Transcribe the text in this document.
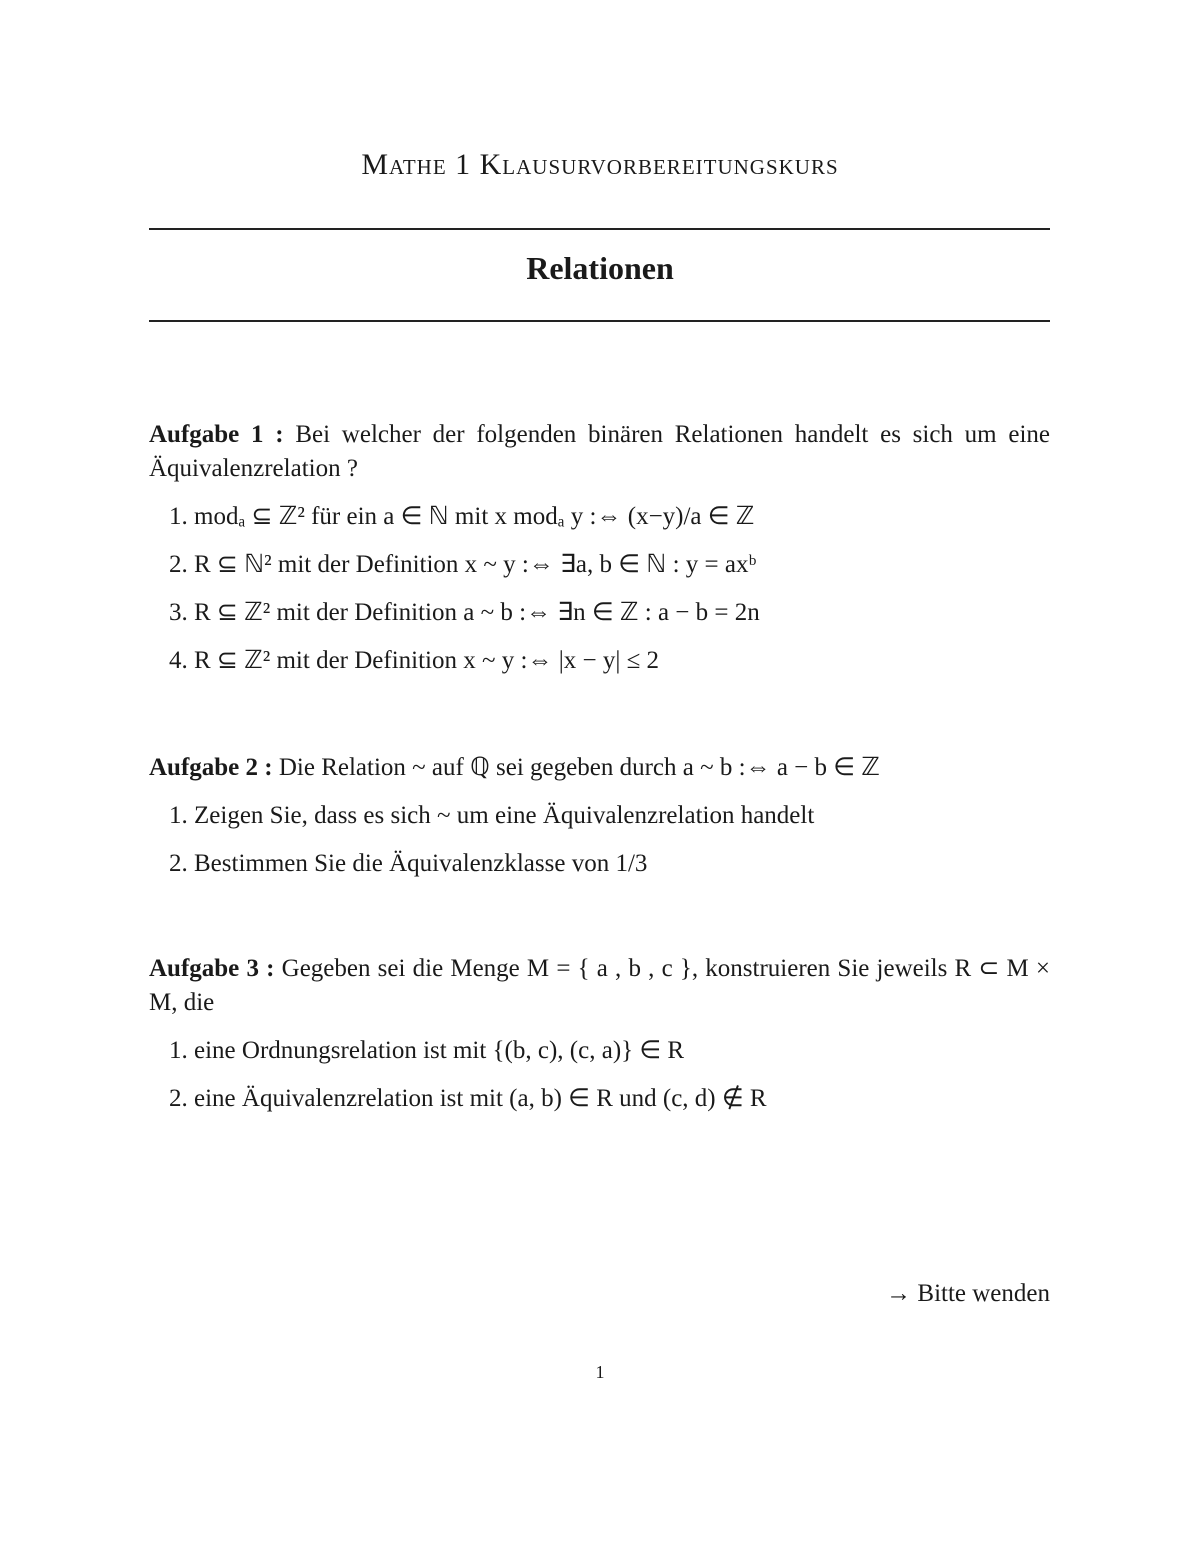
Mathe 1 Klausurvorbereitungskurs
Relationen
Aufgabe 1 : Bei welcher der folgenden binären Relationen handelt es sich um eine Äquivalenzrelation ?
1. modₐ ⊆ ℤ² für ein a ∈ ℕ mit x modₐ y :⇔ (x−y)/a ∈ ℤ
2. R ⊆ ℕ² mit der Definition x ~ y :⇔ ∃a, b ∈ ℕ : y = axᵇ
3. R ⊆ ℤ² mit der Definition a ~ b :⇔ ∃n ∈ ℤ : a − b = 2n
4. R ⊆ ℤ² mit der Definition x ~ y :⇔ |x − y| ≤ 2
Aufgabe 2 : Die Relation ~ auf ℚ sei gegeben durch a ~ b :⇔ a − b ∈ ℤ
1. Zeigen Sie, dass es sich ~ um eine Äquivalenzrelation handelt
2. Bestimmen Sie die Äquivalenzklasse von 1/3
Aufgabe 3 : Gegeben sei die Menge M = { a , b , c }, konstruieren Sie jeweils R ⊂ M × M, die
1. eine Ordnungsrelation ist mit {(b, c), (c, a)} ∈ R
2. eine Äquivalenzrelation ist mit (a, b) ∈ R und (c, d) ∉ R
→ Bitte wenden
1
